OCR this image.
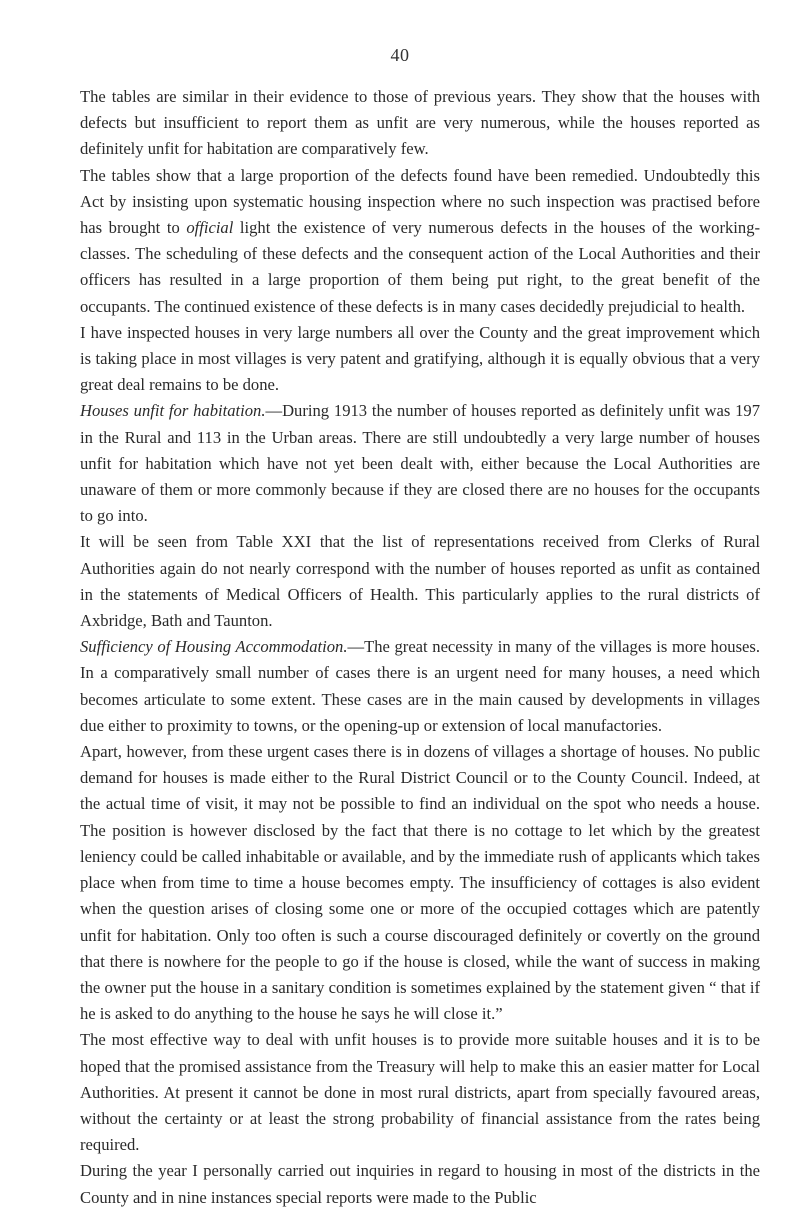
40

The tables are similar in their evidence to those of previous years. They show that the houses with defects but insufficient to report them as unfit are very numerous, while the houses reported as definitely unfit for habitation are comparatively few.

The tables show that a large proportion of the defects found have been remedied. Undoubtedly this Act by insisting upon systematic housing inspection where no such inspection was practised before has brought to official light the existence of very numerous defects in the houses of the working-classes. The scheduling of these defects and the consequent action of the Local Authorities and their officers has resulted in a large proportion of them being put right, to the great benefit of the occupants. The continued existence of these defects is in many cases decidedly prejudicial to health.

I have inspected houses in very large numbers all over the County and the great improvement which is taking place in most villages is very patent and gratifying, although it is equally obvious that a very great deal remains to be done.

Houses unfit for habitation.—During 1913 the number of houses reported as definitely unfit was 197 in the Rural and 113 in the Urban areas. There are still undoubtedly a very large number of houses unfit for habitation which have not yet been dealt with, either because the Local Authorities are unaware of them or more commonly because if they are closed there are no houses for the occupants to go into.

It will be seen from Table XXI that the list of representations received from Clerks of Rural Authorities again do not nearly correspond with the number of houses reported as unfit as contained in the statements of Medical Officers of Health. This particularly applies to the rural districts of Axbridge, Bath and Taunton.

Sufficiency of Housing Accommodation.—The great necessity in many of the villages is more houses. In a comparatively small number of cases there is an urgent need for many houses, a need which becomes articulate to some extent. These cases are in the main caused by developments in villages due either to proximity to towns, or the opening-up or extension of local manufactories.

Apart, however, from these urgent cases there is in dozens of villages a shortage of houses. No public demand for houses is made either to the Rural District Council or to the County Council. Indeed, at the actual time of visit, it may not be possible to find an individual on the spot who needs a house. The position is however disclosed by the fact that there is no cottage to let which by the greatest leniency could be called inhabitable or available, and by the immediate rush of applicants which takes place when from time to time a house becomes empty. The insufficiency of cottages is also evident when the question arises of closing some one or more of the occupied cottages which are patently unfit for habitation. Only too often is such a course discouraged definitely or covertly on the ground that there is nowhere for the people to go if the house is closed, while the want of success in making the owner put the house in a sanitary condition is sometimes explained by the statement given “ that if he is asked to do anything to the house he says he will close it.”

The most effective way to deal with unfit houses is to provide more suitable houses and it is to be hoped that the promised assistance from the Treasury will help to make this an easier matter for Local Authorities. At present it cannot be done in most rural districts, apart from specially favoured areas, without the certainty or at least the strong probability of financial assistance from the rates being required.

During the year I personally carried out inquiries in regard to housing in most of the districts in the County and in nine instances special reports were made to the Public
